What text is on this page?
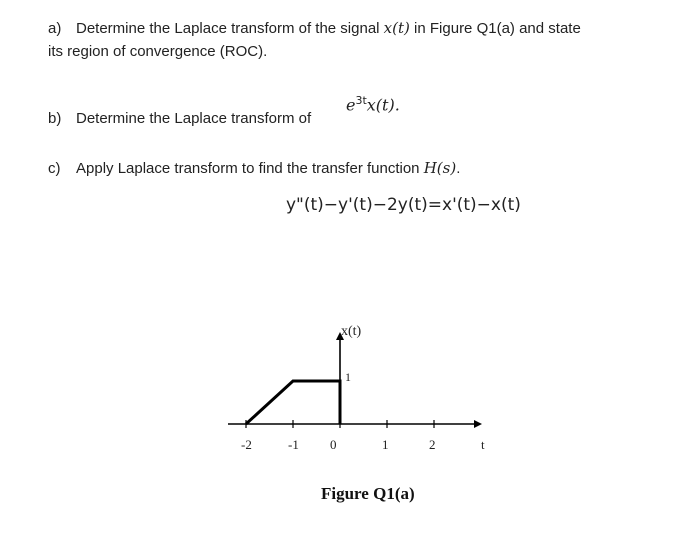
a) Determine the Laplace transform of the signal x(t) in Figure Q1(a) and state
its region of convergence (ROC).
$e^{3t}x(t)$.
b) Determine the Laplace transform of
c) Apply Laplace transform to find the transfer function H(s).
y"(t)−y'(t)−2y(t)=x'(t)−x(t)
x(t)
t
1
-2	-1 0	1	2
Figure Q1(a)
